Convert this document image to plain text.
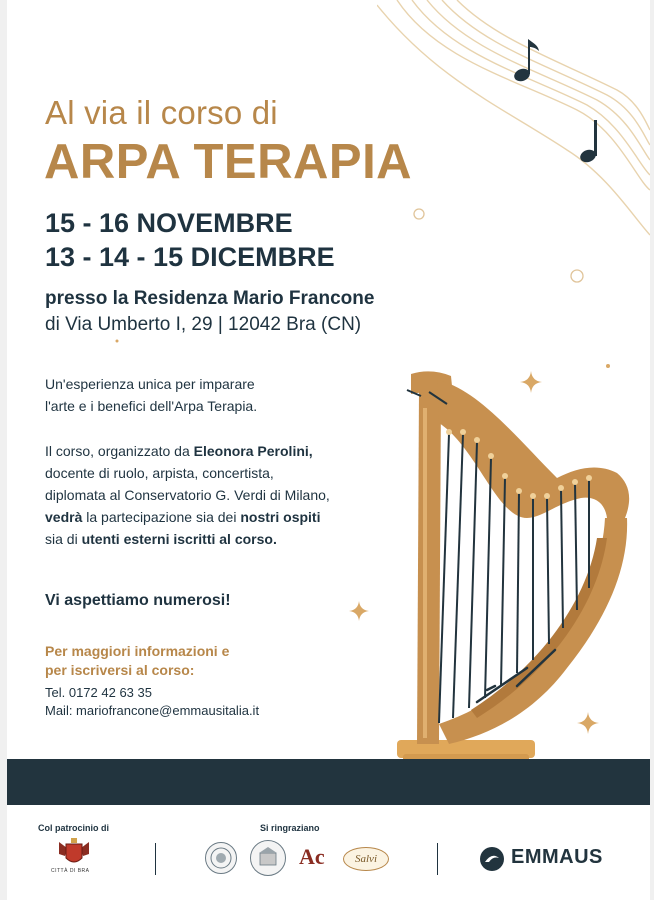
Al via il corso di
ARPA TERAPIA
15 - 16 NOVEMBRE
13 - 14 - 15 DICEMBRE
presso la Residenza Mario Francone
di Via Umberto I, 29 | 12042 Bra (CN)
Un'esperienza unica per imparare
l'arte e i benefici dell'Arpa Terapia.
Il corso, organizzato da Eleonora Perolini,
docente di ruolo, arpista, concertista,
diplomata al Conservatorio G. Verdi di Milano,
vedrà la partecipazione sia dei nostri ospiti
sia di utenti esterni iscritti al corso.
Vi aspettiamo numerosi!
Per maggiori informazioni e
per iscriversi al corso:
Tel. 0172 42 63 35
Mail: mariofrancone@emmausitalia.it
Col patrocinio di	Si ringraziano
CITTÀ DI BRA
Ac	Salvi	EMMAUS
